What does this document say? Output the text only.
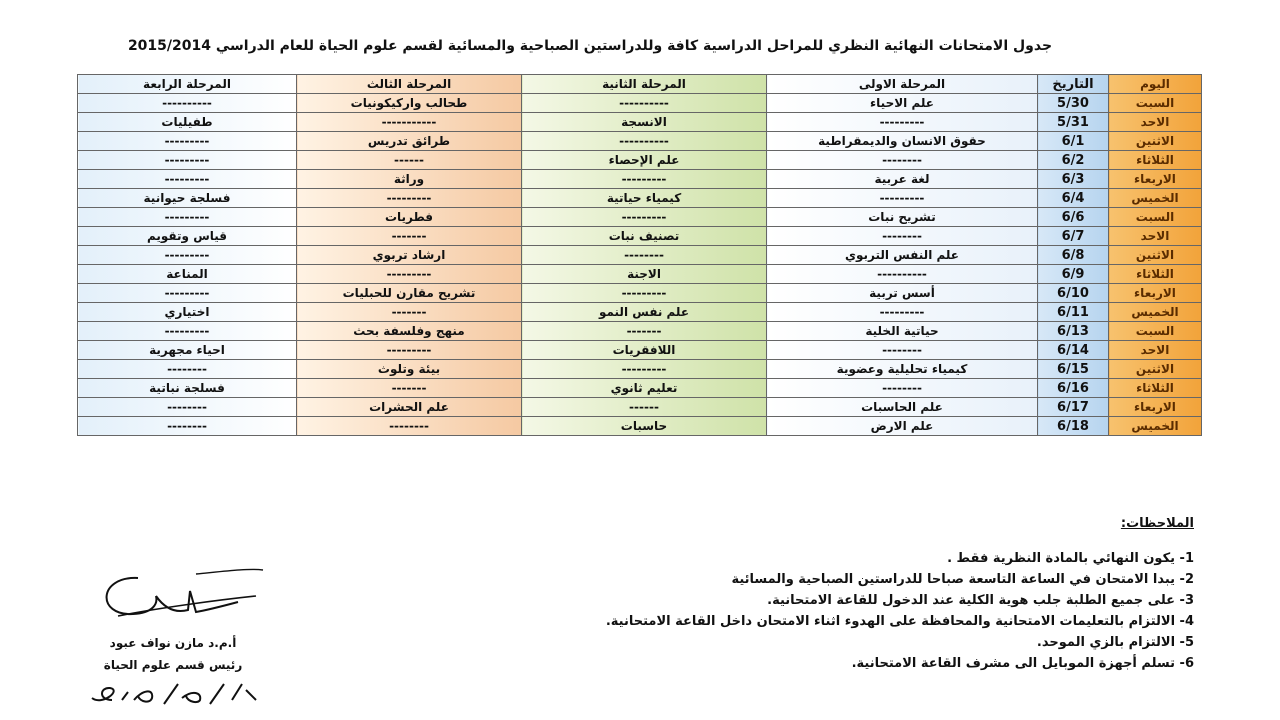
جدول الامتحانات النهائية النظري للمراحل الدراسية كافة وللدراستين الصباحية والمسائية لقسم علوم الحياة للعام الدراسي 2015/2014
اليوم	التاريخ	المرحلة الاولى	المرحلة الثانية	المرحلة الثالث	المرحلة الرابعة
السبت	5/30	علم الاحياء	----------	طحالب واركيكونيات	----------
الاحد	5/31	---------	الانسجة	-----------	طفيليات
الاثنين	6/1	حقوق الانسان والديمقراطية	----------	طرائق تدريس	---------
الثلاثاء	6/2	--------	علم الإحصاء	------	---------
الاربعاء	6/3	لغة عربية	---------	وراثة	---------
الخميس	6/4	---------	كيمياء حياتية	---------	فسلجة حيوانية
السبت	6/6	تشريح نبات	---------	فطريات	---------
الاحد	6/7	--------	تصنيف نبات	-------	قياس وتقويم
الاثنين	6/8	علم النفس التربوي	--------	ارشاد تربوي	---------
الثلاثاء	6/9	----------	الاجنة	---------	المناعة
الاربعاء	6/10	أسس تربية	---------	تشريح مقارن للحبليات	---------
الخميس	6/11	---------	علم نفس النمو	-------	اختياري
السبت	6/13	حياتية الخلية	-------	منهج وفلسفة بحث	---------
الاحد	6/14	--------	اللافقريات	---------	احياء مجهرية
الاثنين	6/15	كيمياء تحليلية وعضوية	---------	بيئة وتلوث	--------
الثلاثاء	6/16	--------	تعليم ثانوي	-------	فسلجة نباتية
الاربعاء	6/17	علم الحاسبات	------	علم الحشرات	--------
الخميس	6/18	علم الارض	حاسبات	--------	--------
الملاحظات:
1- يكون النهائي بالمادة النظرية فقط .
2- يبدا الامتحان في الساعة التاسعة صباحا للدراستين الصباحية والمسائية
3- على جميع الطلبة جلب هوية الكلية عند الدخول للقاعة الامتحانية.
4- الالتزام بالتعليمات الامتحانية والمحافظة على الهدوء اثناء الامتحان داخل القاعة الامتحانية.
5- الالتزام بالزي الموحد.
6- تسلم أجهزة الموبايل الى مشرف القاعة الامتحانية.
أ.م.د مازن نواف عبود
رئيس قسم علوم الحياة
